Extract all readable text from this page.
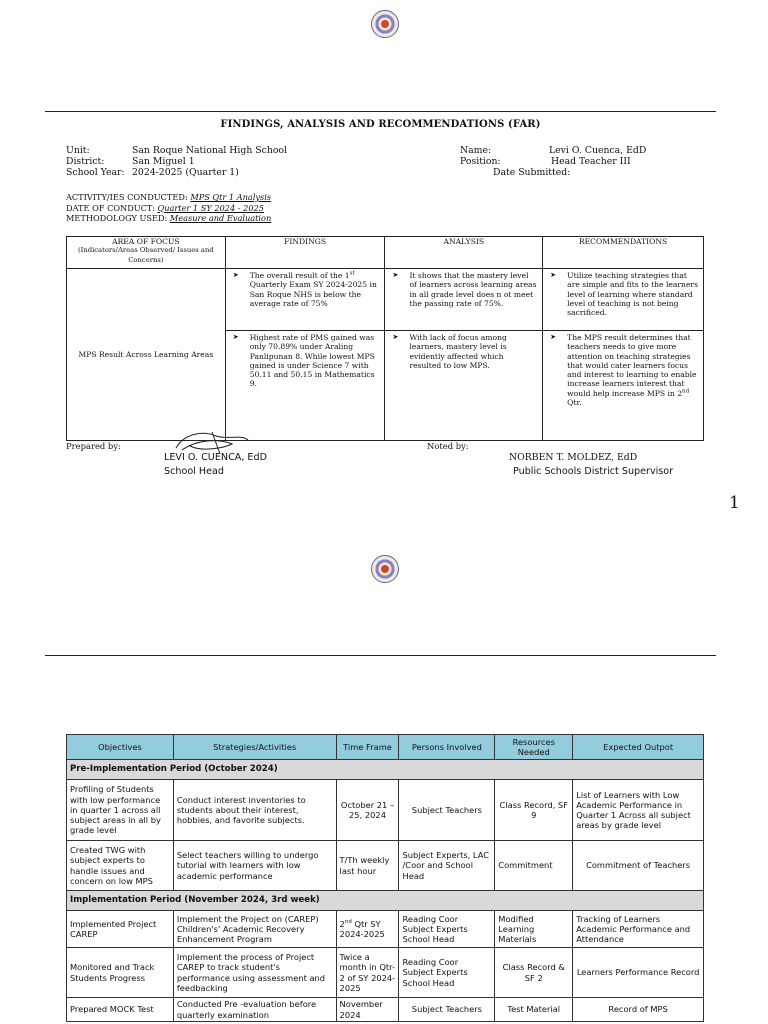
FINDINGS, ANALYSIS AND RECOMMENDATIONS (FAR)
Unit:	San Roque National High School
District:	San Miguel 1
School Year: 2024-2025 (Quarter 1)
Name:	Levi O. Cuenca, EdD
Position:	Head Teacher III
Date Submitted:
ACTIVITY/IES CONDUCTED: MPS Qtr 1 Analysis
DATE OF CONDUCT: Quarter 1 SY 2024 - 2025
METHODOLOGY USED: Measure and Evaluation
AREA OF FOCUS
(Indicators/Areas Observed/ Issues and Concerns)	FINDINGS	ANALYSIS	RECOMMENDATIONS
MPS Result Across Learning Areas	➤ The overall result of the 1st Quarterly Exam SY 2024-2025 in San Roque NHS is below the average rate of 75%	➤ It shows that the mastery level of learners across learning areas in all grade level does n ot meet the passing rate of 75%.	➤ Utilize teaching strategies that are simple and fits to the learners level of learning where standard level of teaching is not being sacrificed.

	➤ Highest rate of PMS gained was only 70.89% under Araling Panlipunan 8. While lowest MPS gained is under Science 7 with 50.11 and 50.15 in Mathematics 9.	➤ With lack of focus among learners, mastery level is evidently affected which resulted to low MPS.	➤ The MPS result determines that teachers needs to give more attention on teaching strategies that would cater learners focus and interest to learning to enable increase learners interest that would help increase MPS in 2nd Qtr.
Prepared by:
LEVI O. CUENCA, EdD
School Head
Noted by:
NORBEN T. MOLDEZ, EdD
Public Schools District Supervisor
1
Objectives	Strategies/Activities	Time Frame	Persons Involved	Resources Needed	Expected Outpot
Pre-Implementation Period (October 2024)					
Profiling of Students with low performance in quarter 1 across all subject areas in all by grade level	Conduct interest inventories to students about their interest, hobbies, and favorite subjects.	October 21 – 25, 2024	Subject Teachers	Class Record, SF 9	List of Learners with Low Academic Performance in Quarter 1 Across all subject areas by grade level
Created TWG with subject experts to handle issues and concern on low MPS	Select teachers willing to undergo tutorial with learners with low academic performance	T/Th weekly last hour	Subject Experts, LAC /Coor and School Head	Commitment	Commitment of Teachers
Implementation Period (November 2024, 3rd week)					
Implemented Project CAREP	Implement the Project on (CAREP) Children's' Academic Recovery Enhancement Program	2nd Qtr SY 2024-2025	Reading Coor Subject Experts School Head	Modified Learning Materials	Tracking of Learners Academic Performance and Attendance
Monitored and Track Students Progress	Implement the process of Project CAREP to track student's performance using assessment and feedbacking	Twice a month in Qtr-2 of SY 2024-2025	Reading Coor Subject Experts School Head	Class Record & SF 2	Learners Performance Record
Prepared MOCK Test	Conducted Pre -evaluation before quarterly examination	November 2024	Subject Teachers	Test Material	Record of MPS
